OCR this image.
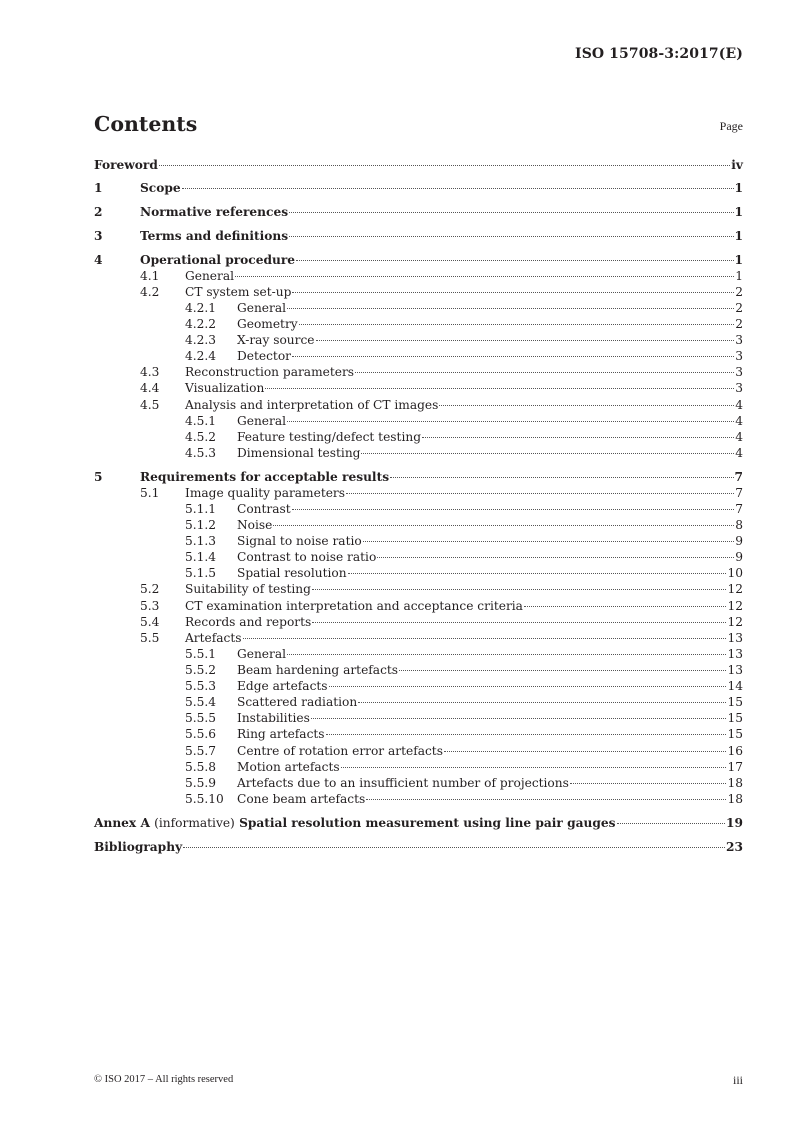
ISO 15708-3:2017(E)
Contents	Page
Foreword	iv
1	Scope	1
2	Normative references	1
3	Terms and definitions	1
4	Operational procedure	1
4.1 General	1
4.2 CT system set-up	2
4.2.1 General	2
4.2.2 Geometry	2
4.2.3 X-ray source	3
4.2.4 Detector	3
4.3 Reconstruction parameters	3
4.4 Visualization	3
4.5 Analysis and interpretation of CT images	4
4.5.1 General	4
4.5.2 Feature testing/defect testing	4
4.5.3 Dimensional testing	4
5	Requirements for acceptable results	7
5.1 Image quality parameters	7
5.1.1 Contrast	7
5.1.2 Noise	8
5.1.3 Signal to noise ratio	9
5.1.4 Contrast to noise ratio	9
5.1.5 Spatial resolution	10
5.2 Suitability of testing	12
5.3 CT examination interpretation and acceptance criteria	12
5.4 Records and reports	12
5.5 Artefacts	13
5.5.1 General	13
5.5.2 Beam hardening artefacts	13
5.5.3 Edge artefacts	14
5.5.4 Scattered radiation	15
5.5.5 Instabilities	15
5.5.6 Ring artefacts	15
5.5.7 Centre of rotation error artefacts	16
5.5.8 Motion artefacts	17
5.5.9 Artefacts due to an insufficient number of projections	18
5.5.10 Cone beam artefacts	18
Annex A (informative) Spatial resolution measurement using line pair gauges	19
Bibliography	23
© ISO 2017 – All rights reserved	iii
